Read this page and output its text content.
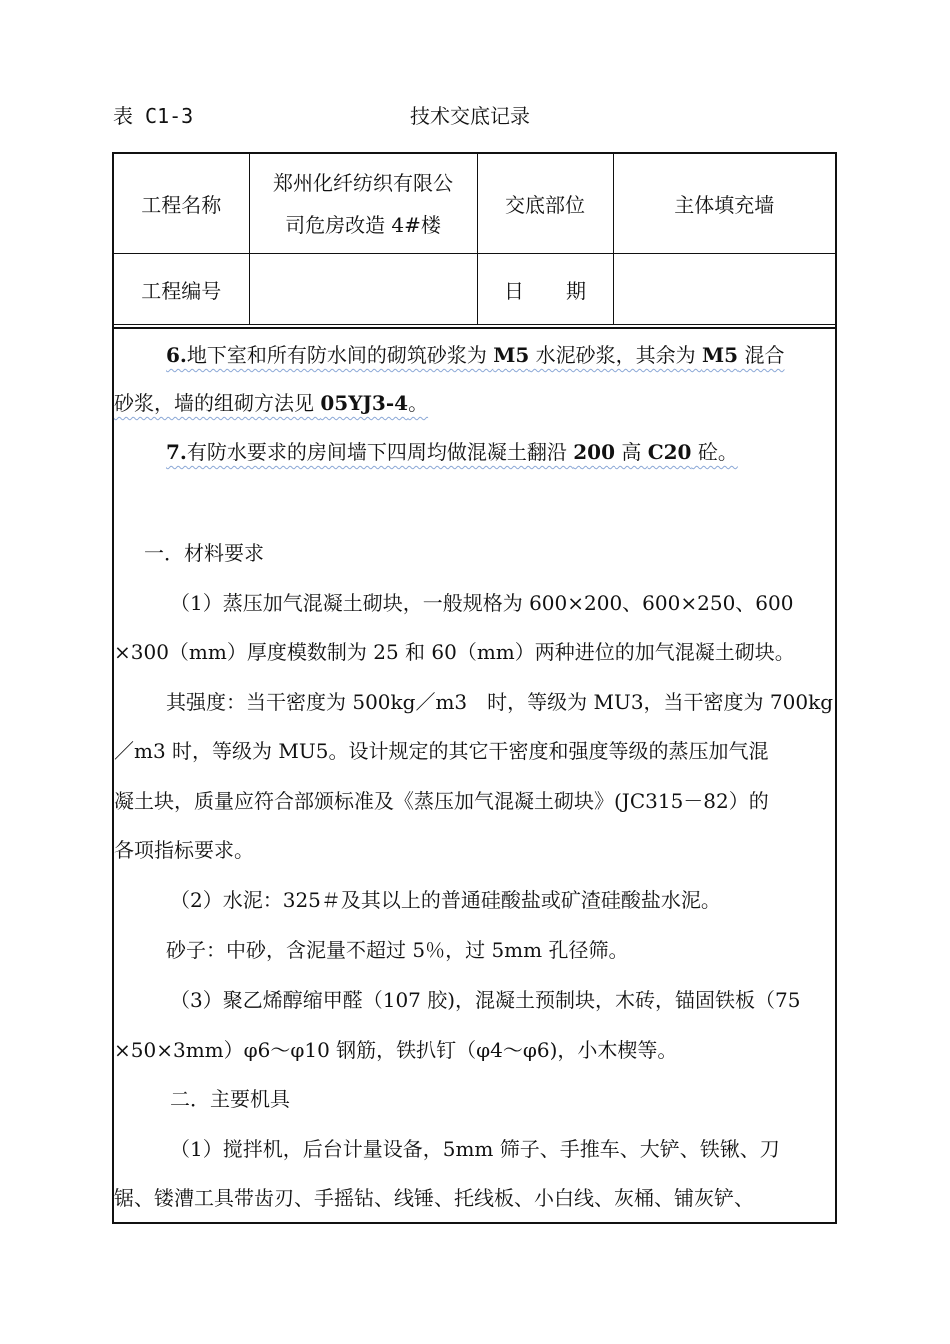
表 C1-3	技术交底记录
工程名称	郑州化纤纺织有限公
司危房改造 4#楼	交底部位	主体填充墙
工程编号		日期	
6.地下室和所有防水间的砌筑砂浆为 M5 水泥砂浆，其余为 M5 混合
砂浆，墙的组砌方法见 05YJ3-4。
7.有防水要求的房间墙下四周均做混凝土翻沿 200 高 C20 砼。
一．材料要求
（1）蒸压加气混凝土砌块，一般规格为 600×200、600×250、600
×300（mm）厚度模数制为 25 和 60（mm）两种进位的加气混凝土砌块。
其强度：当干密度为 500kg／m3　时，等级为 MU3，当干密度为 700kg
／m3 时，等级为 MU5。设计规定的其它干密度和强度等级的蒸压加气混
凝土块，质量应符合部颁标准及《蒸压加气混凝土砌块》(JC315－82）的
各项指标要求。
（2）水泥：325＃及其以上的普通硅酸盐或矿渣硅酸盐水泥。
砂子：中砂，含泥量不超过 5％，过 5mm 孔径筛。
（3）聚乙烯醇缩甲醛（107 胶)，混凝土预制块，木砖，锚固铁板（75
×50×3mm）φ6～φ10 钢筋，铁扒钉（φ4～φ6)，小木楔等。
二．主要机具
（1）搅拌机，后台计量设备，5mm 筛子、手推车、大铲、铁锹、刀
锯、镂漕工具带齿刃、手摇钻、线锤、托线板、小白线、灰桶、铺灰铲、
